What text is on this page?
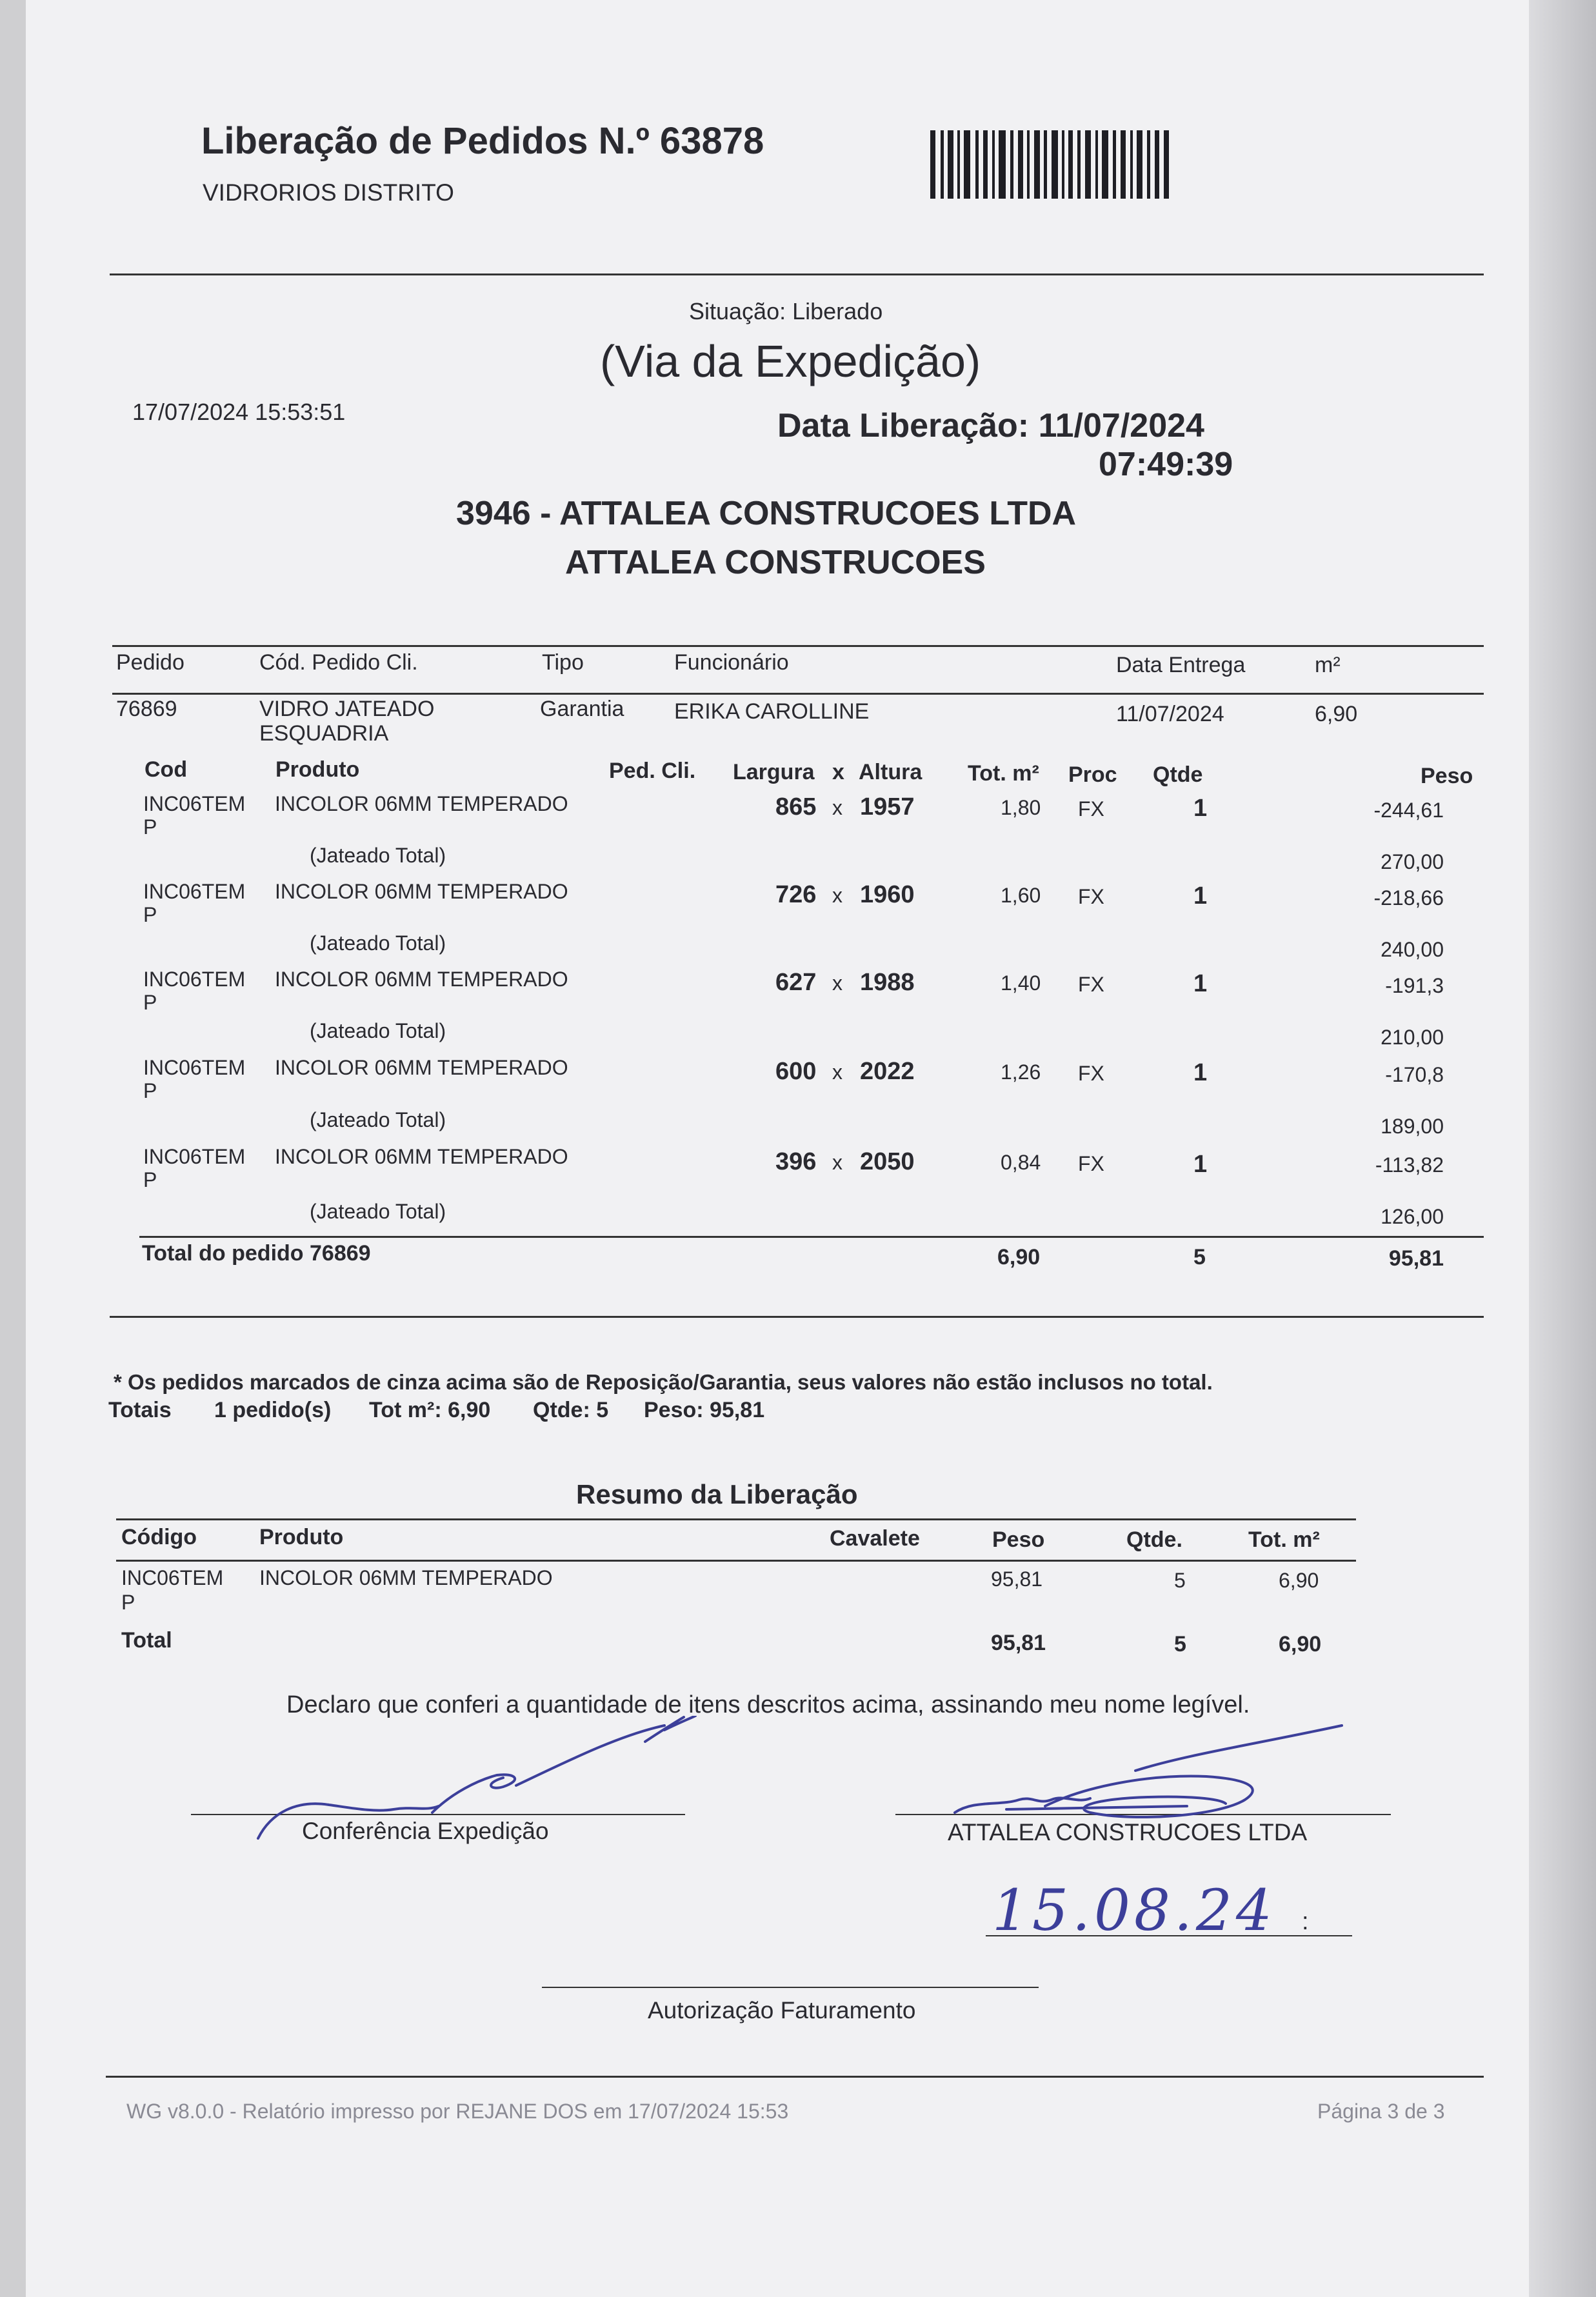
Liberação de Pedidos N.º 63878
VIDRORIOS DISTRITO
Situação: Liberado
(Via da Expedição)
17/07/2024 15:53:51	Data Liberação: 11/07/2024
07:49:39
3946 - ATTALEA CONSTRUCOES LTDA
ATTALEA CONSTRUCOES
Pedido	Cód. Pedido Cli.	Tipo	Funcionário	Data Entrega	m²
76869	VIDRO JATEADO
ESQUADRIA
Garantia ERIKA CAROLLINE	11/07/2024	6,90
Cod	Produto	Ped. Cli. Largura x Altura Tot. m² Proc Qtde	Peso
INC06TEM
P
INCOLOR 06MM TEMPERADO	865 x 1957	1,80 FX	1	-244,61
(Jateado Total)	270,00
INC06TEM
P
INCOLOR 06MM TEMPERADO	726 x 1960	1,60 FX	1	-218,66
(Jateado Total)	240,00
INC06TEM
P
INCOLOR 06MM TEMPERADO	627 x 1988	1,40 FX	1	-191,3
(Jateado Total)	210,00
INC06TEM
P
INCOLOR 06MM TEMPERADO	600 x 2022	1,26 FX	1	-170,8
(Jateado Total)	189,00
INC06TEM
P
INCOLOR 06MM TEMPERADO	396 x 2050	0,84 FX	1	-113,82
(Jateado Total)	126,00
Total do pedido 76869	6,90	5	95,81
* Os pedidos marcados de cinza acima são de Reposição/Garantia, seus valores não estão inclusos no total.
Totais 1 pedido(s) Tot m²: 6,90 Qtde: 5 Peso: 95,81
Resumo da Liberação
Código	Produto	Cavalete	Peso	Qtde.	Tot. m²
INC06TEM
P
INCOLOR 06MM TEMPERADO	95,81	5	6,90
Total	95,81	5	6,90
Declaro que conferi a quantidade de itens descritos acima, assinando meu nome legível.
Conferência Expedição	ATTALEA CONSTRUCOES LTDA
15.08.24 :
Autorização Faturamento
WG v8.0.0 - Relatório impresso por REJANE DOS em 17/07/2024 15:53	Página 3 de 3
